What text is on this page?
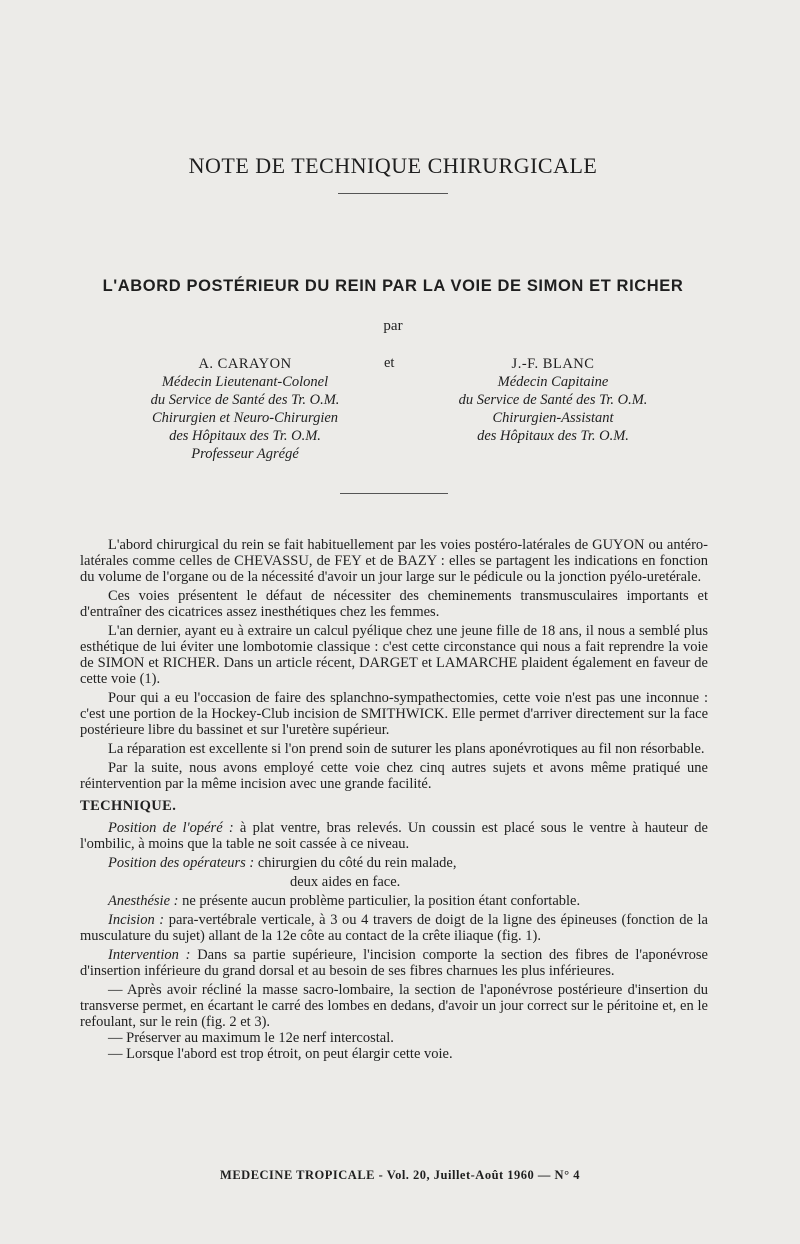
NOTE DE TECHNIQUE CHIRURGICALE
L'ABORD POSTÉRIEUR DU REIN PAR LA VOIE DE SIMON ET RICHER
par
A. CARAYON
Médecin Lieutenant-Colonel
du Service de Santé des Tr. O.M.
Chirurgien et Neuro-Chirurgien
des Hôpitaux des Tr. O.M.
Professeur Agrégé
et	J.-F. BLANC
Médecin Capitaine
du Service de Santé des Tr. O.M.
Chirurgien-Assistant
des Hôpitaux des Tr. O.M.

L'abord chirurgical du rein se fait habituellement par les voies postéro-latérales de GUYON ou antéro-latérales comme celles de CHEVASSU, de FEY et de BAZY : elles se partagent les indications en fonction du volume de l'organe ou de la nécessité d'avoir un jour large sur le pédicule ou la jonction pyélo-uretérale.

Ces voies présentent le défaut de nécessiter des cheminements transmusculaires importants et d'entraîner des cicatrices assez inesthétiques chez les femmes.

L'an dernier, ayant eu à extraire un calcul pyélique chez une jeune fille de 18 ans, il nous a semblé plus esthétique de lui éviter une lombotomie classique : c'est cette circonstance qui nous a fait reprendre la voie de SIMON et RICHER. Dans un article récent, DARGET et LAMARCHE plaident également en faveur de cette voie (1).

Pour qui a eu l'occasion de faire des splanchno-sympathectomies, cette voie n'est pas une inconnue : c'est une portion de la Hockey-Club incision de SMITHWICK. Elle permet d'arriver directement sur la face postérieure libre du bassinet et sur l'uretère supérieur.

La réparation est excellente si l'on prend soin de suturer les plans aponévrotiques au fil non résorbable.

Par la suite, nous avons employé cette voie chez cinq autres sujets et avons même pratiqué une réintervention par la même incision avec une grande facilité.

TECHNIQUE.

Position de l'opéré : à plat ventre, bras relevés. Un coussin est placé sous le ventre à hauteur de l'ombilic, à moins que la table ne soit cassée à ce niveau.

Position des opérateurs : chirurgien du côté du rein malade,

deux aides en face.

Anesthésie : ne présente aucun problème particulier, la position étant confortable.

Incision : para-vertébrale verticale, à 3 ou 4 travers de doigt de la ligne des épineuses (fonction de la musculature du sujet) allant de la 12e côte au contact de la crête iliaque (fig. 1).

Intervention : Dans sa partie supérieure, l'incision comporte la section des fibres de l'aponévrose d'insertion inférieure du grand dorsal et au besoin de ses fibres charnues les plus inférieures.

— Après avoir récliné la masse sacro-lombaire, la section de l'aponévrose postérieure d'insertion du transverse permet, en écartant le carré des lombes en dedans, d'avoir un jour correct sur le péritoine et, en le refoulant, sur le rein (fig. 2 et 3).

— Préserver au maximum le 12e nerf intercostal.

— Lorsque l'abord est trop étroit, on peut élargir cette voie.

MEDECINE TROPICALE - Vol. 20, Juillet-Août 1960 — N° 4
